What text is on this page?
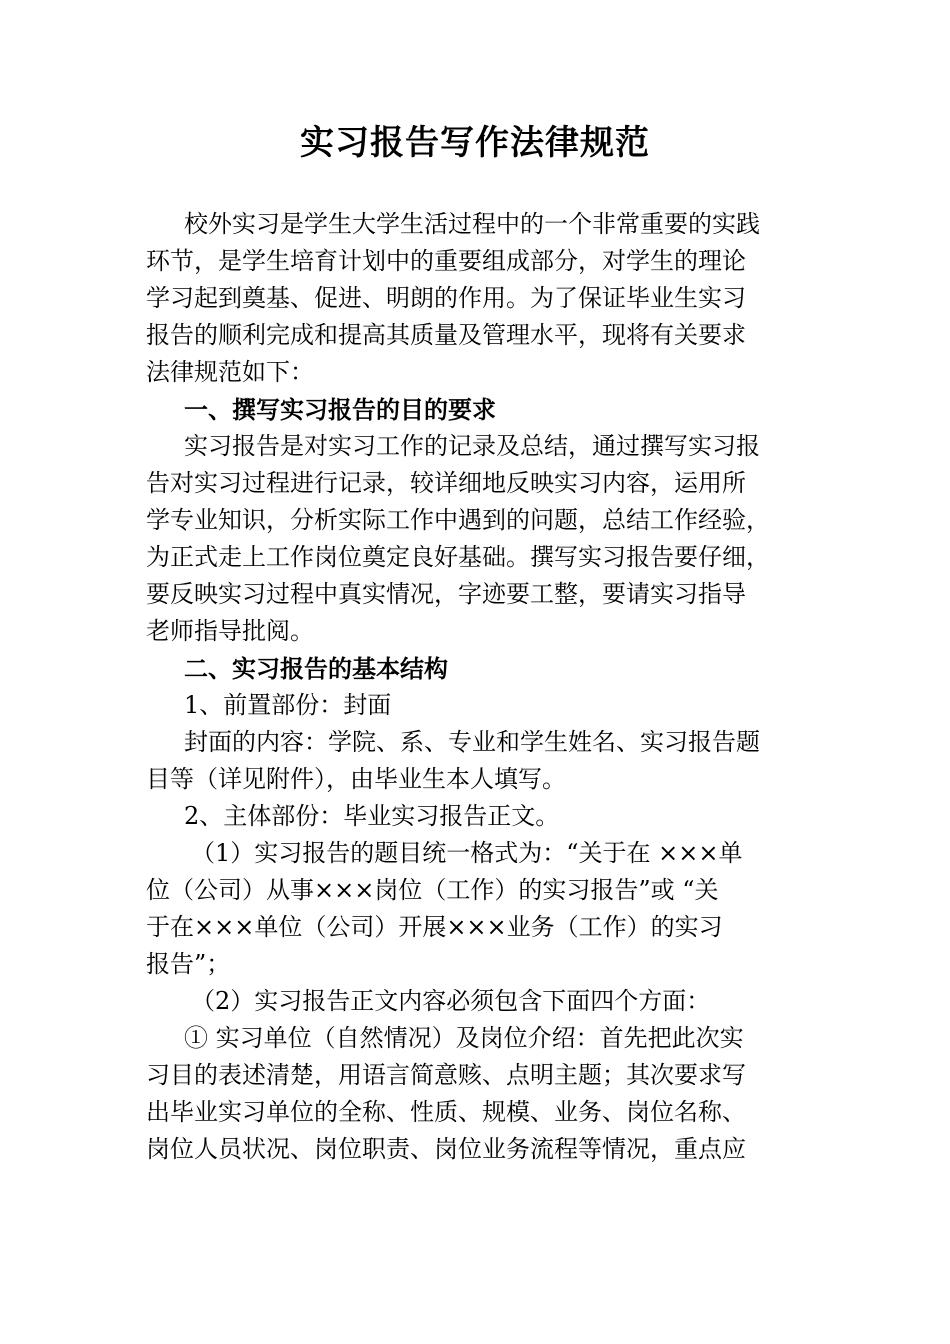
实习报告写作法律规范

校外实习是学生大学生活过程中的一个非常重要的实践

环节，是学生培育计划中的重要组成部分，对学生的理论

学习起到奠基、促进、明朗的作用。为了保证毕业生实习

报告的顺利完成和提高其质量及管理水平，现将有关要求

法律规范如下：

一、撰写实习报告的目的要求

实习报告是对实习工作的记录及总结，通过撰写实习报

告对实习过程进行记录，较详细地反映实习内容，运用所

学专业知识，分析实际工作中遇到的问题，总结工作经验，

为正式走上工作岗位奠定良好基础。撰写实习报告要仔细，

要反映实习过程中真实情况，字迹要工整，要请实习指导

老师指导批阅。

二、实习报告的基本结构

1、前置部份：封面

封面的内容：学院、系、专业和学生姓名、实习报告题

目等（详见附件），由毕业生本人填写。

2、主体部份：毕业实习报告正文。

（1）实习报告的题目统一格式为：“关于在 ×××单

位（公司）从事×××岗位（工作）的实习报告”或 “关

于在×××单位（公司）开展×××业务（工作）的实习

报告”；

（2）实习报告正文内容必须包含下面四个方面：

① 实习单位（自然情况）及岗位介绍：首先把此次实

习目的表述清楚，用语言简意赅、点明主题；其次要求写

出毕业实习单位的全称、性质、规模、业务、岗位名称、

岗位人员状况、岗位职责、岗位业务流程等情况，重点应
